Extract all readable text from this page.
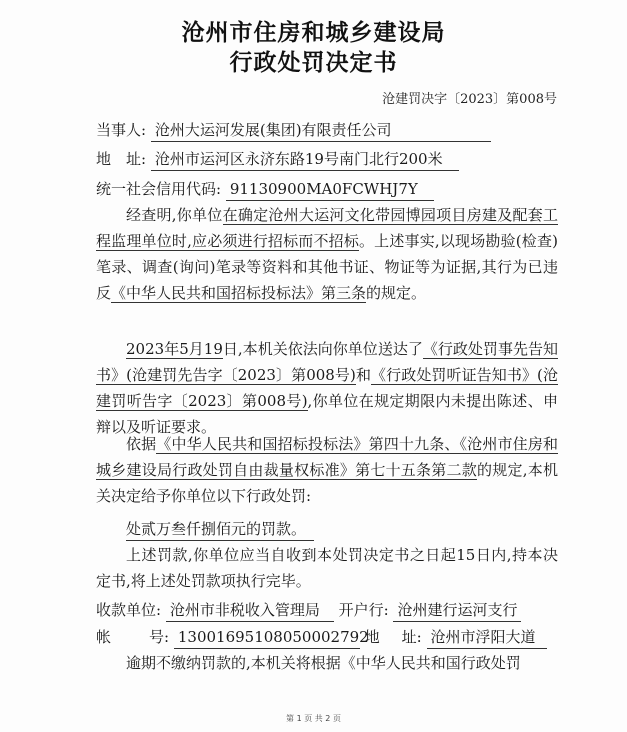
沧州市住房和城乡建设局
行政处罚决定书
沧建罚决字〔2023〕第008号
当事人: 沧州大运河发展(集团)有限责任公司
地 址: 沧州市运河区永济东路19号南门北行200米
统一社会信用代码: 91130900MA0FCWHJ7Y
经查明,你单位在确定沧州大运河文化带园博园项目房建及配套工程监理单位时,应必须进行招标而不招标。上述事实,以现场勘验(检查)笔录、调查(询问)笔录等资料和其他书证、物证等为证据,其行为已违反《中华人民共和国招标投标法》第三条的规定。
2023年5月19日,本机关依法向你单位送达了《行政处罚事先告知书》(沧建罚先告字〔2023〕第008号)和《行政处罚听证告知书》(沧建罚听告字〔2023〕第008号),你单位在规定期限内未提出陈述、申辩以及听证要求。
依据《中华人民共和国招标投标法》第四十九条、《沧州市住房和城乡建设局行政处罚自由裁量权标准》第七十五条第二款的规定,本机关决定给予你单位以下行政处罚:
处贰万叁仟捌佰元的罚款。
上述罚款,你单位应当自收到本处罚决定书之日起15日内,持本决定书,将上述处罚款项执行完毕。
收款单位: 沧州市非税收入管理局 开户行: 沧州建行运河支行
帐	号: 13001695108050002792 地 址: 沧州市浮阳大道
逾期不缴纳罚款的,本机关将根据《中华人民共和国行政处罚
第 1 页 共 2 页
